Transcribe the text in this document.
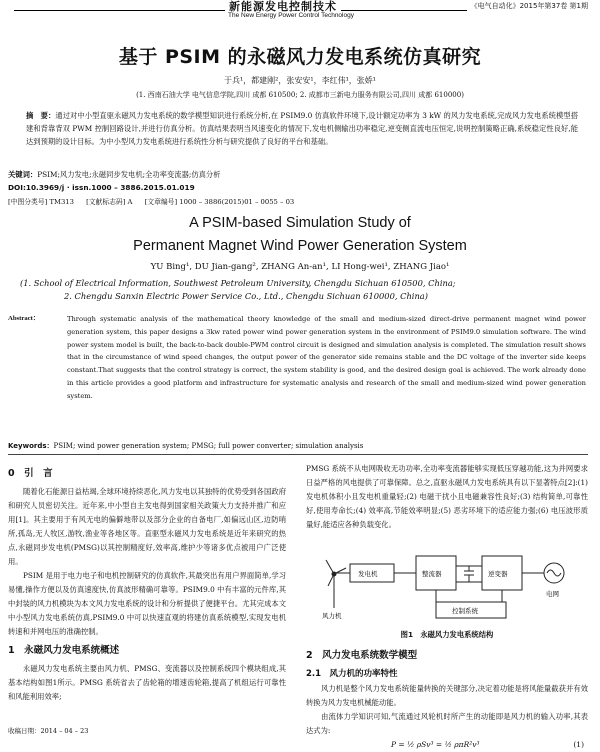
新能源发电控制技术
The New Energy Power Control Technology
《电气自动化》2015年第37卷 第1期
基于 PSIM 的永磁风力发电系统仿真研究
于兵¹，都建刚²，张安安¹，李红伟¹，张娇¹
(1. 西南石油大学 电气信息学院,四川 成都 610500; 2. 成都市三新电力服务有限公司,四川 成都 610000)
摘　要：通过对中小型直驱永磁风力发电系统的数学模型知识进行系统分析,在 PSIM9.0 仿真软件环境下,设计额定功率为 3 kW 的风力发电系统,完成风力发电系统模型搭建和背靠背双 PWM 控制回路设计,并进行仿真分析。仿真结果表明当风速变化的情况下,发电机侧输出功率稳定,逆变侧直流电压恒定,说明控制策略正确,系统稳定性良好,能达到预期的设计目标。为中小型风力发电系统进行系统性分析与研究提供了良好的平台和基础。
关键词：PSIM;风力发电;永磁同步发电机;全功率变流器;仿真分析
DOI:10.3969/j · issn.1000 – 3886.2015.01.019
[中图分类号] TM313 [文献标志码] A [文章编号] 1000 – 3886(2015)01 – 0055 – 03
A PSIM-based Simulation Study of
Permanent Magnet Wind Power Generation System
YU Bing¹, DU Jian-gang², ZHANG An-an¹, LI Hong-wei¹, ZHANG Jiao¹
(1. School of Electrical Information, Southwest Petroleum University, Chengdu Sichuan 610500, China;
2. Chengdu Sanxin Electric Power Service Co., Ltd., Chengdu Sichuan 610000, China)
Abstract：	Through systematic analysis of the mathematical theory knowledge of the small and medium-sized direct-drive permanent magnet wind power generation system, this paper designs a 3kw rated power wind power generation system in the environment of PSIM9.0 simulation software. The wind power system model is built, the back-to-back double-PWM control circuit is designed and simulation analysis is completed. The simulation result shows that in the circumstance of wind speed changes, the output power of the generator side remains stable and the DC voltage of the inverter side keeps constant.That suggests that the control strategy is correct, the system stability is good, and the desired design goal is achieved. The work already done in this article provides a good platform and infrastructure for systematic analysis and research of the small and medium-sized wind power generation system.
Keywords：PSIM; wind power generation system; PMSG; full power converter; simulation analysis
0　引　言

随着化石能源日益枯竭,全球环境持续恶化,风力发电以其独特的优势受到各国政府和研究人员密切关注。近年来,中小型自主发电得到国家相关政策大力支持并推广和应用[1]。其主要用于有风无电的偏僻地带以及部分企业的自备电厂,如偏远山区,边防哨所,孤岛,无人牧区,游牧,渔业等各地区等。直驱型永磁风力发电系统是近年来研究的热点,永磁同步发电机(PMSG)以其控制精度好,效率高,维护少等诸多优点被用户广泛使用。

PSIM 是用于电力电子和电机控制研究的仿真软件,其最突出有用户界面简单,学习易懂,操作方便以及仿真速度快,仿真波形精确可靠等。PSIM9.0 中有丰富的元件库,其中封装的风力机模块为本文风力发电系统的设计和分析提供了便捷平台。尤其完成本文中小型风力发电系统仿真,PSIM9.0 中可以快速直观的将建仿真系统模型,实现发电机转速和并网电压的准确控制。

1　永磁风力发电系统概述

永磁风力发电系统主要由风力机、PMSG、变流器以及控制系统四个模块组成,其基本结构如图1所示。PMSG 系统省去了齿轮箱的增速齿轮箱,提高了机组运行可靠性和风能利用效率;

PMSG 系统不从电网吸收无功功率,全功率变流器能够实现低压穿越功能,这为并网要求日益严格的风电提供了可靠保障。总之,直驱永磁风力发电系统具有以下显著特点[2]:(1) 发电机体积小且发电机重量轻;(2) 电磁干扰小且电磁兼容性良好;(3) 结构简单,可靠性好,使用寿命长;(4) 效率高,节能效率明显;(5) 恶劣环境下的适应能力强;(6) 电压波形质量好,能适应各种负载变化。

风力机
发电机	整流器	逆变器
电网
控制系统
图1　永磁风力发电系统结构
2　风力发电系统数学模型
2.1　风力机的功率特性

风力机是整个风力发电系统能量转换的关键部分,决定着功能是将风能量截获并有效转换为风力发电机械能动能。

由流体力学知识可知,气流通过风轮机时所产生的动能即是风力机的输入功率,其表达式为:

P = ½ ρSv³ = ½ ρπR²v³	(1)
收稿日期：2014 – 04 – 23
